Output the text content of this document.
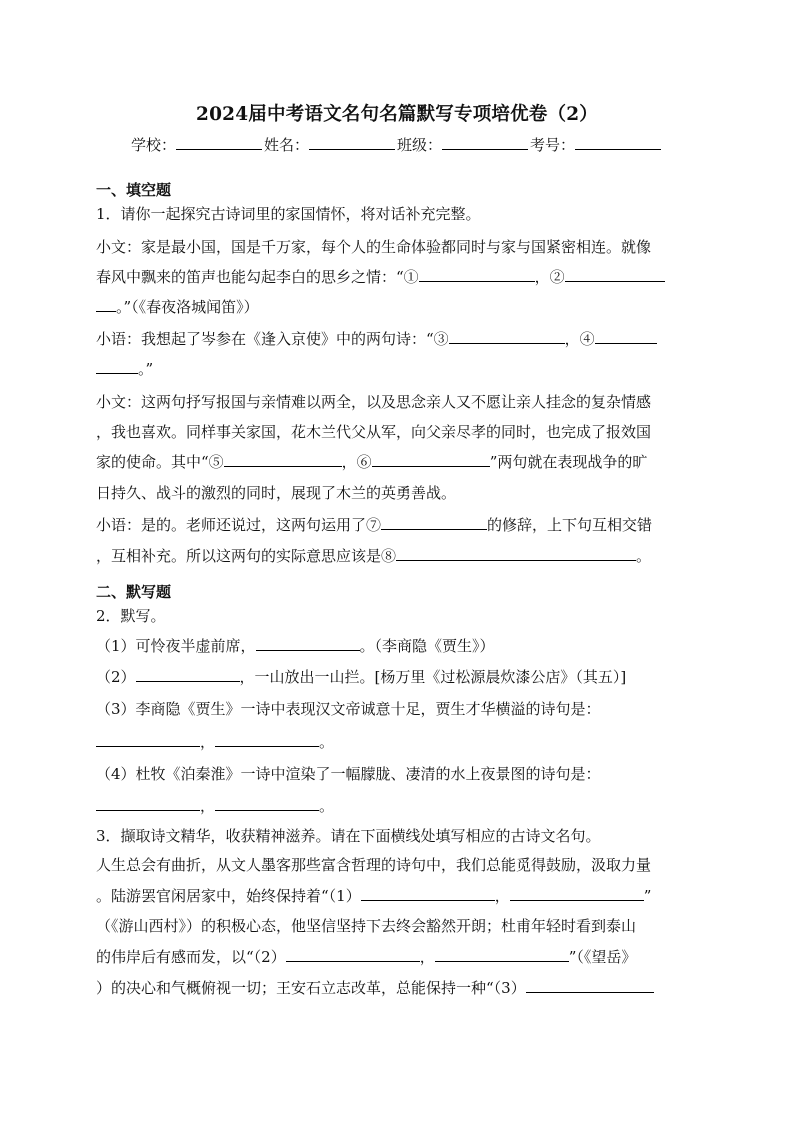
2024届中考语文名句名篇默写专项培优卷（2）
学校：	姓名：	班级：	考号：
一、填空题
1．请你一起探究古诗词里的家国情怀，将对话补充完整。
小文：家是最小国，国是千万家，每个人的生命体验都同时与家与国紧密相连。就像
春风中飘来的笛声也能勾起李白的思乡之情：“①	，②
。”（《春夜洛城闻笛》）
小语：我想起了岑参在《逢入京使》中的两句诗：“③	，④
。”
小文：这两句抒写报国与亲情难以两全，以及思念亲人又不愿让亲人挂念的复杂情感
，我也喜欢。同样事关家国，花木兰代父从军，向父亲尽孝的同时，也完成了报效国
家的使命。其中“⑤	，⑥	”两句就在表现战争的旷
日持久、战斗的激烈的同时，展现了木兰的英勇善战。
小语：是的。老师还说过，这两句运用了⑦	的修辞，上下句互相交错
，互相补充。所以这两句的实际意思应该是⑧	。
二、默写题
2．默写。
（1）可怜夜半虚前席，	。（李商隐《贾生》）
（2）	，一山放出一山拦。[杨万里《过松源晨炊漆公店》（其五）]
（3）李商隐《贾生》一诗中表现汉文帝诚意十足，贾生才华横溢的诗句是：
，	。
（4）杜牧《泊秦淮》一诗中渲染了一幅朦胧、凄清的水上夜景图的诗句是：
，	。
3．撷取诗文精华，收获精神滋养。请在下面横线处填写相应的古诗文名句。
人生总会有曲折，从文人墨客那些富含哲理的诗句中，我们总能觅得鼓励，汲取力量
。陆游罢官闲居家中，始终保持着“（1）	，	”
（《游山西村》）的积极心态，他坚信坚持下去终会豁然开朗；杜甫年轻时看到泰山
的伟岸后有感而发，以“（2）	，	”（《望岳》
）的决心和气概俯视一切；王安石立志改革，总能保持一种“（3）
